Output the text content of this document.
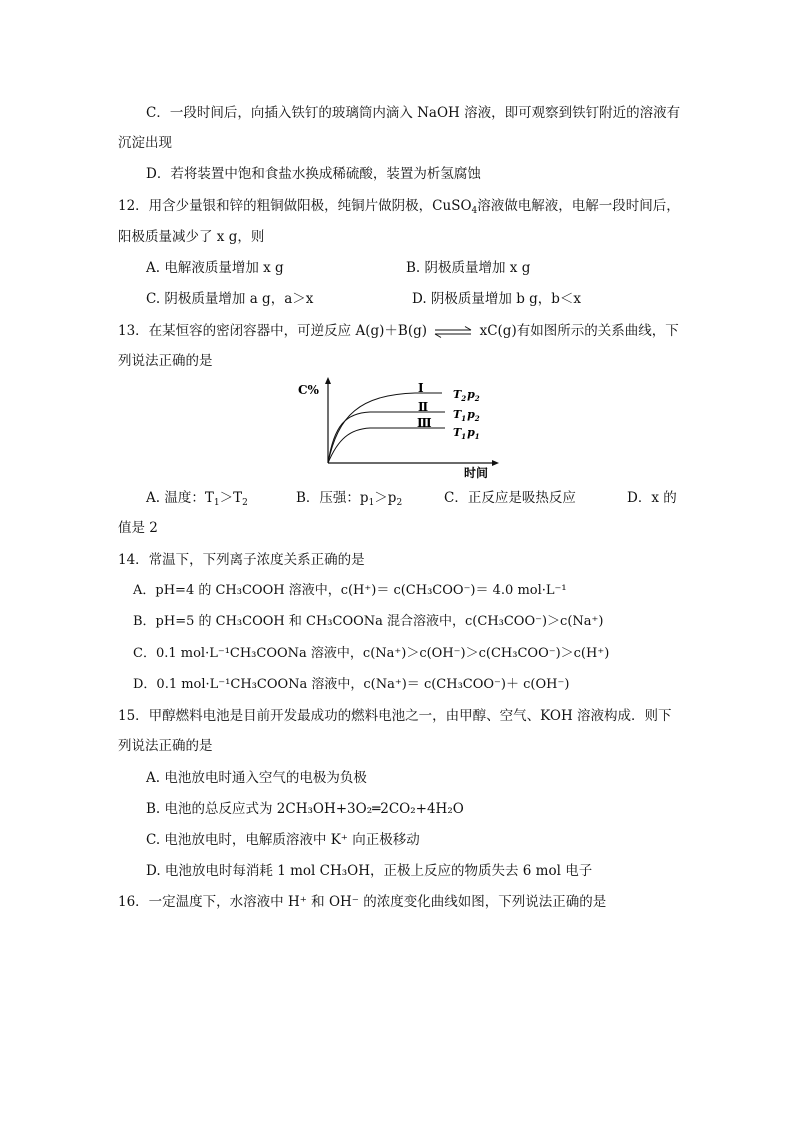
C．一段时间后，向插入铁钉的玻璃筒内滴入 NaOH 溶液，即可观察到铁钉附近的溶液有
沉淀出现
D．若将装置中饱和食盐水换成稀硫酸，装置为析氢腐蚀
12．用含少量银和锌的粗铜做阳极，纯铜片做阴极，CuSO$_4$溶液做电解液，电解一段时间后，
阳极质量减少了 x g，则
A. 电解液质量增加 x g	B. 阴极质量增加 x g
C. 阴极质量增加 a g，a＞x	D. 阴极质量增加 b g，b＜x
13．在某恒容的密闭容器中，可逆反应 A(g)＋B(g) ⇌ xC(g)有如图所示的关系曲线，下
列说法正确的是
C%
时间
Ⅰ
Ⅱ
Ⅲ
$T_2p_2$
$T_1p_2$
$T_1p_1$
A. 温度：$T_1>T_2$	B．压强：$p_1>p_2$	C．正反应是吸热反应	D．x 的
值是 2
14．常温下，下列离子浓度关系正确的是
A．pH=4 的 CH₃COOH 溶液中，c(H⁺)＝ c(CH₃COO⁻)＝ 4.0 mol·L⁻¹
B．pH=5 的 CH₃COOH 和 CH₃COONa 混合溶液中，c(CH₃COO⁻)＞c(Na⁺)
C．0.1 mol·L⁻¹CH₃COONa 溶液中，c(Na⁺)＞c(OH⁻)＞c(CH₃COO⁻)＞c(H⁺)
D．0.1 mol·L⁻¹CH₃COONa 溶液中，c(Na⁺)＝ c(CH₃COO⁻)＋ c(OH⁻)
15．甲醇燃料电池是目前开发最成功的燃料电池之一，由甲醇、空气、KOH 溶液构成．则下
列说法正确的是
A. 电池放电时通入空气的电极为负极
B. 电池的总反应式为 2CH₃OH+3O₂═2CO₂+4H₂O
C. 电池放电时，电解质溶液中 K⁺ 向正极移动
D. 电池放电时每消耗 1 mol CH₃OH，正极上反应的物质失去 6 mol 电子
16．一定温度下，水溶液中 H⁺ 和 OH⁻ 的浓度变化曲线如图，下列说法正确的是
